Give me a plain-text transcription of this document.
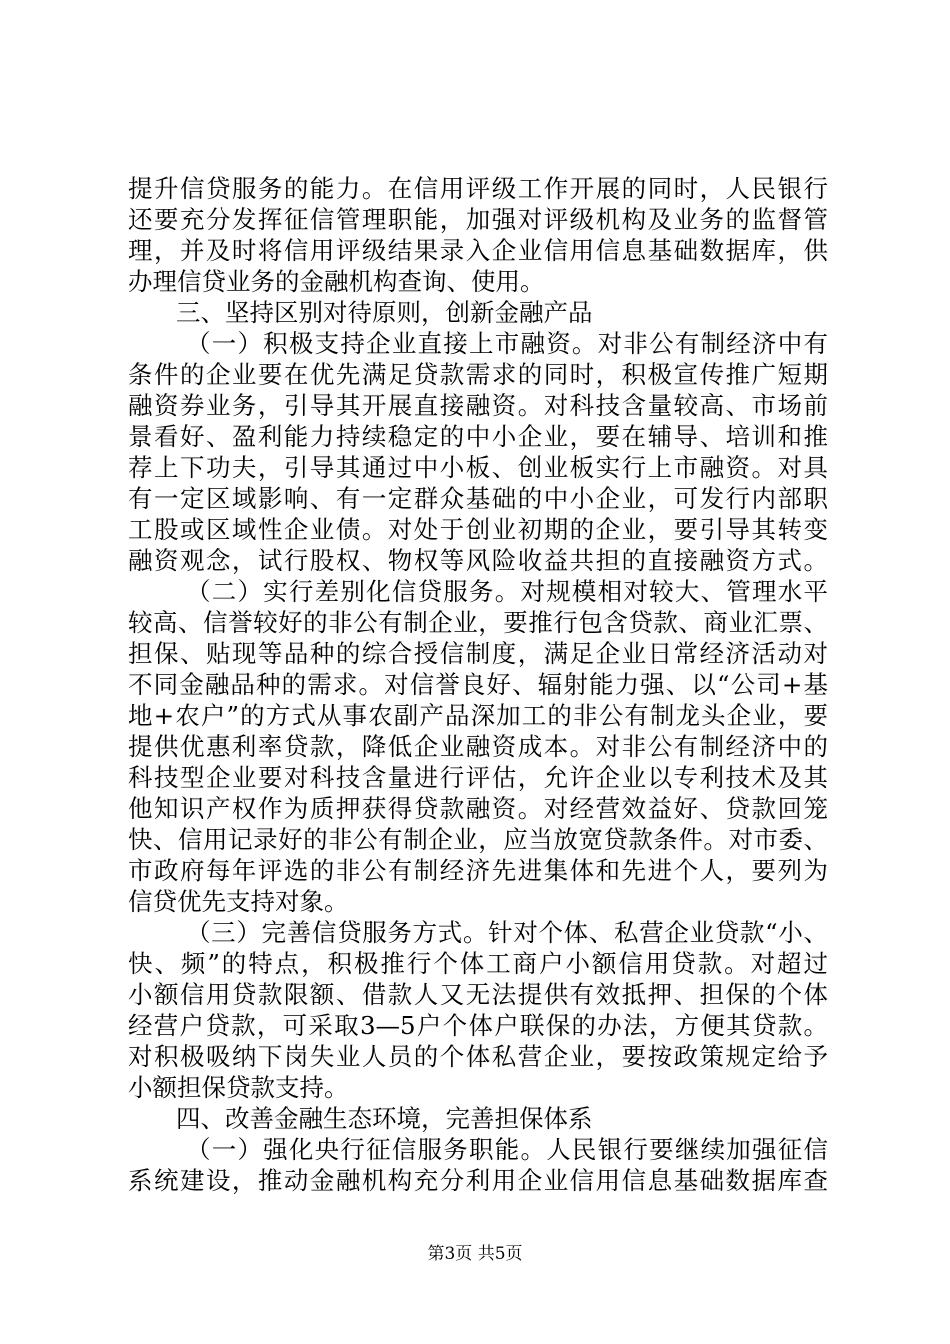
提升信贷服务的能力。在信用评级工作开展的同时，人民银行
还要充分发挥征信管理职能，加强对评级机构及业务的监督管
理，并及时将信用评级结果录入企业信用信息基础数据库，供
办理信贷业务的金融机构查询、使用。
三、坚持区别对待原则，创新金融产品
（一）积极支持企业直接上市融资。对非公有制经济中有
条件的企业要在优先满足贷款需求的同时，积极宣传推广短期
融资券业务，引导其开展直接融资。对科技含量较高、市场前
景看好、盈利能力持续稳定的中小企业，要在辅导、培训和推
荐上下功夫，引导其通过中小板、创业板实行上市融资。对具
有一定区域影响、有一定群众基础的中小企业，可发行内部职
工股或区域性企业债。对处于创业初期的企业，要引导其转变
融资观念，试行股权、物权等风险收益共担的直接融资方式。
（二）实行差别化信贷服务。对规模相对较大、管理水平
较高、信誉较好的非公有制企业，要推行包含贷款、商业汇票、
担保、贴现等品种的综合授信制度，满足企业日常经济活动对
不同金融品种的需求。对信誉良好、辐射能力强、以“公司+基
地+农户”的方式从事农副产品深加工的非公有制龙头企业，要
提供优惠利率贷款，降低企业融资成本。对非公有制经济中的
科技型企业要对科技含量进行评估，允许企业以专利技术及其
他知识产权作为质押获得贷款融资。对经营效益好、贷款回笼
快、信用记录好的非公有制企业，应当放宽贷款条件。对市委、
市政府每年评选的非公有制经济先进集体和先进个人，要列为
信贷优先支持对象。
（三）完善信贷服务方式。针对个体、私营企业贷款“小、
快、频”的特点，积极推行个体工商户小额信用贷款。对超过
小额信用贷款限额、借款人又无法提供有效抵押、担保的个体
经营户贷款，可采取3—5户个体户联保的办法，方便其贷款。
对积极吸纳下岗失业人员的个体私营企业，要按政策规定给予
小额担保贷款支持。
四、改善金融生态环境，完善担保体系
（一）强化央行征信服务职能。人民银行要继续加强征信
系统建设，推动金融机构充分利用企业信用信息基础数据库查
第3页 共5页
